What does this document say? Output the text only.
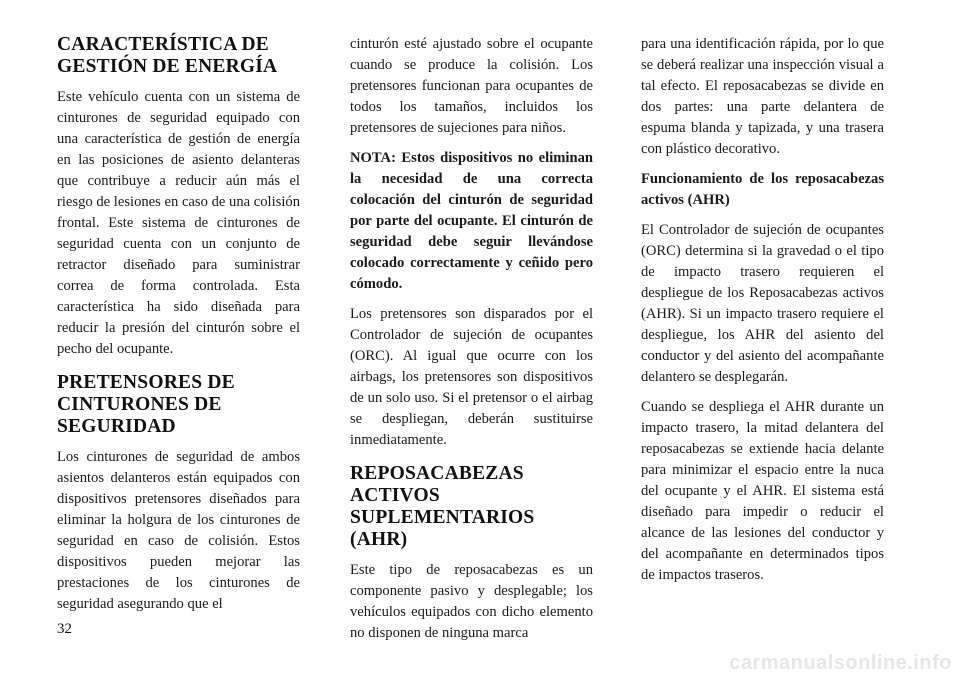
CARACTERÍSTICA DE
GESTIÓN DE ENERGÍA

Este vehículo cuenta con un sistema de cinturones de seguridad equipado con una característica de gestión de energía en las posiciones de asiento delanteras que contribuye a reducir aún más el riesgo de lesiones en caso de una colisión frontal. Este sistema de cinturones de seguridad cuenta con un conjunto de retractor diseñado para suministrar correa de forma controlada. Esta característica ha sido diseñada para reducir la presión del cinturón sobre el pecho del ocupante.

PRETENSORES DE
CINTURONES DE
SEGURIDAD

Los cinturones de seguridad de ambos asientos delanteros están equipados con dispositivos pretensores diseñados para eliminar la holgura de los cinturones de seguridad en caso de colisión. Estos dispositivos pueden mejorar las prestaciones de los cinturones de seguridad asegurando que el

cinturón esté ajustado sobre el ocupante cuando se produce la colisión. Los pretensores funcionan para ocupantes de todos los tamaños, incluidos los pretensores de sujeciones para niños.

NOTA: Estos dispositivos no eliminan la necesidad de una correcta colocación del cinturón de seguridad por parte del ocupante. El cinturón de seguridad debe seguir llevándose colocado correctamente y ceñido pero cómodo.

Los pretensores son disparados por el Controlador de sujeción de ocupantes (ORC). Al igual que ocurre con los airbags, los pretensores son dispositivos de un solo uso. Si el pretensor o el airbag se despliegan, deberán sustituirse inmediatamente.

REPOSACABEZAS
ACTIVOS
SUPLEMENTARIOS (AHR)

Este tipo de reposacabezas es un componente pasivo y desplegable; los vehículos equipados con dicho elemento no disponen de ninguna marca

para una identificación rápida, por lo que se deberá realizar una inspección visual a tal efecto. El reposacabezas se divide en dos partes: una parte delantera de espuma blanda y tapizada, y una trasera con plástico decorativo.

Funcionamiento de los reposacabezas activos (AHR)

El Controlador de sujeción de ocupantes (ORC) determina si la gravedad o el tipo de impacto trasero requieren el despliegue de los Reposacabezas activos (AHR). Si un impacto trasero requiere el despliegue, los AHR del asiento del conductor y del asiento del acompañante delantero se desplegarán.

Cuando se despliega el AHR durante un impacto trasero, la mitad delantera del reposacabezas se extiende hacia delante para minimizar el espacio entre la nuca del ocupante y el AHR. El sistema está diseñado para impedir o reducir el alcance de las lesiones del conductor y del acompañante en determinados tipos de impactos traseros.

32
carmanualsonline.info
